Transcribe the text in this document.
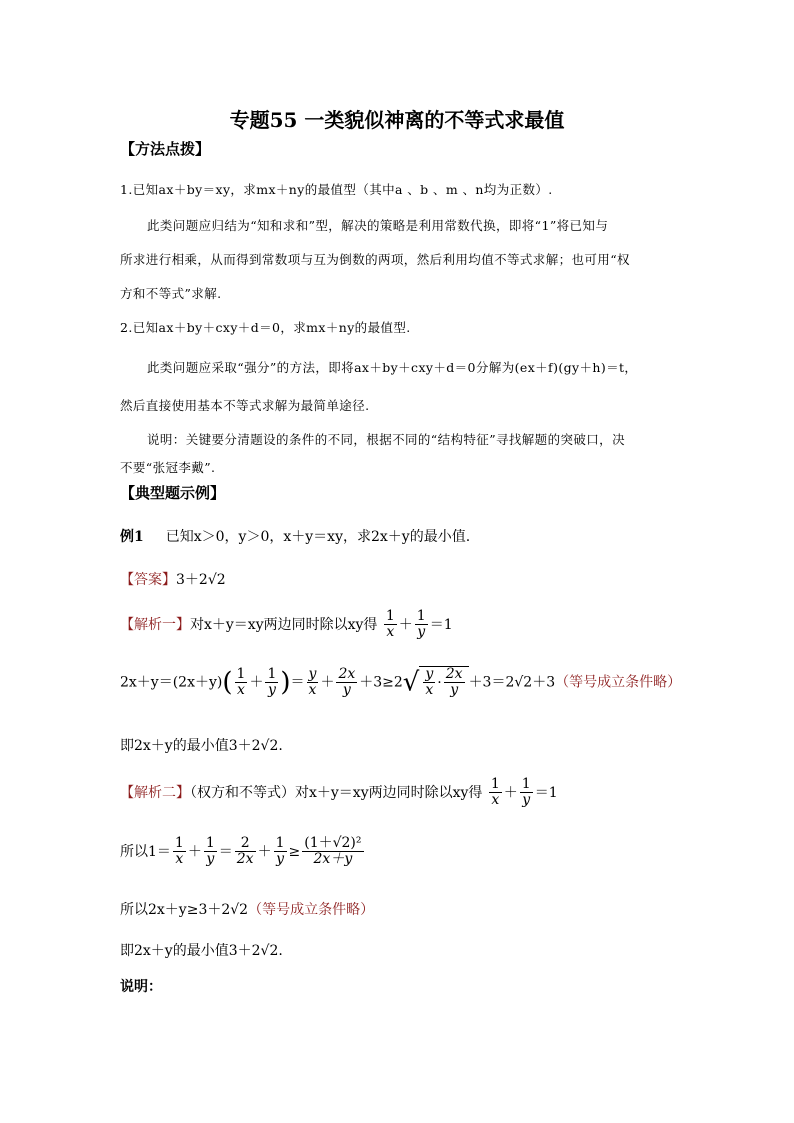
专题55 一类貌似神离的不等式求最值
【方法点拨】
1.已知ax＋by＝xy，求mx＋ny的最值型（其中a 、b 、m 、n均为正数）.
此类问题应归结为“知和求和”型，解决的策略是利用常数代换，即将“1”将已知与
所求进行相乘，从而得到常数项与互为倒数的两项，然后利用均值不等式求解；也可用“权
方和不等式”求解.
2.已知ax＋by＋cxy＋d＝0，求mx＋ny的最值型.
此类问题应采取“强分”的方法，即将ax＋by＋cxy＋d＝0分解为(ex＋f)(gy＋h)＝t，
然后直接使用基本不等式求解为最简单途径.
说明：关键要分清题设的条件的不同，根据不同的“结构特征”寻找解题的突破口，决
不要“张冠李戴”.
【典型题示例】
例1 已知x＞0，y＞0，x＋y＝xy，求2x＋y的最小值.
【答案】3＋2√2
【解析一】对x＋y＝xy两边同时除以xy得 $\frac{1}{x} + \frac{1}{y} =1$
$2x+y=(2x+y)( \frac{1}{x} + \frac{1}{y}$ )＝ $\frac{y}{x} + \frac{2x}{y} +3\ge 2√ \frac{y}{x} \cdot \frac{2x}{y} +3=2√2+3$（等号成立条件略）
即2x＋y的最小值3＋2√2.
【解析二】（权方和不等式）对x＋y＝xy两边同时除以xy得 $\frac{1}{x} + \frac{1}{y} =1$
所以$1= \frac{1}{x} + \frac{1}{y} = \frac{2}{2x} + \frac{1}{y} \ge \frac{\text{(1＋√2)²}}{2x+y}$
所以2x＋y≥3＋2√2（等号成立条件略）
即2x＋y的最小值3＋2√2.
说明：
